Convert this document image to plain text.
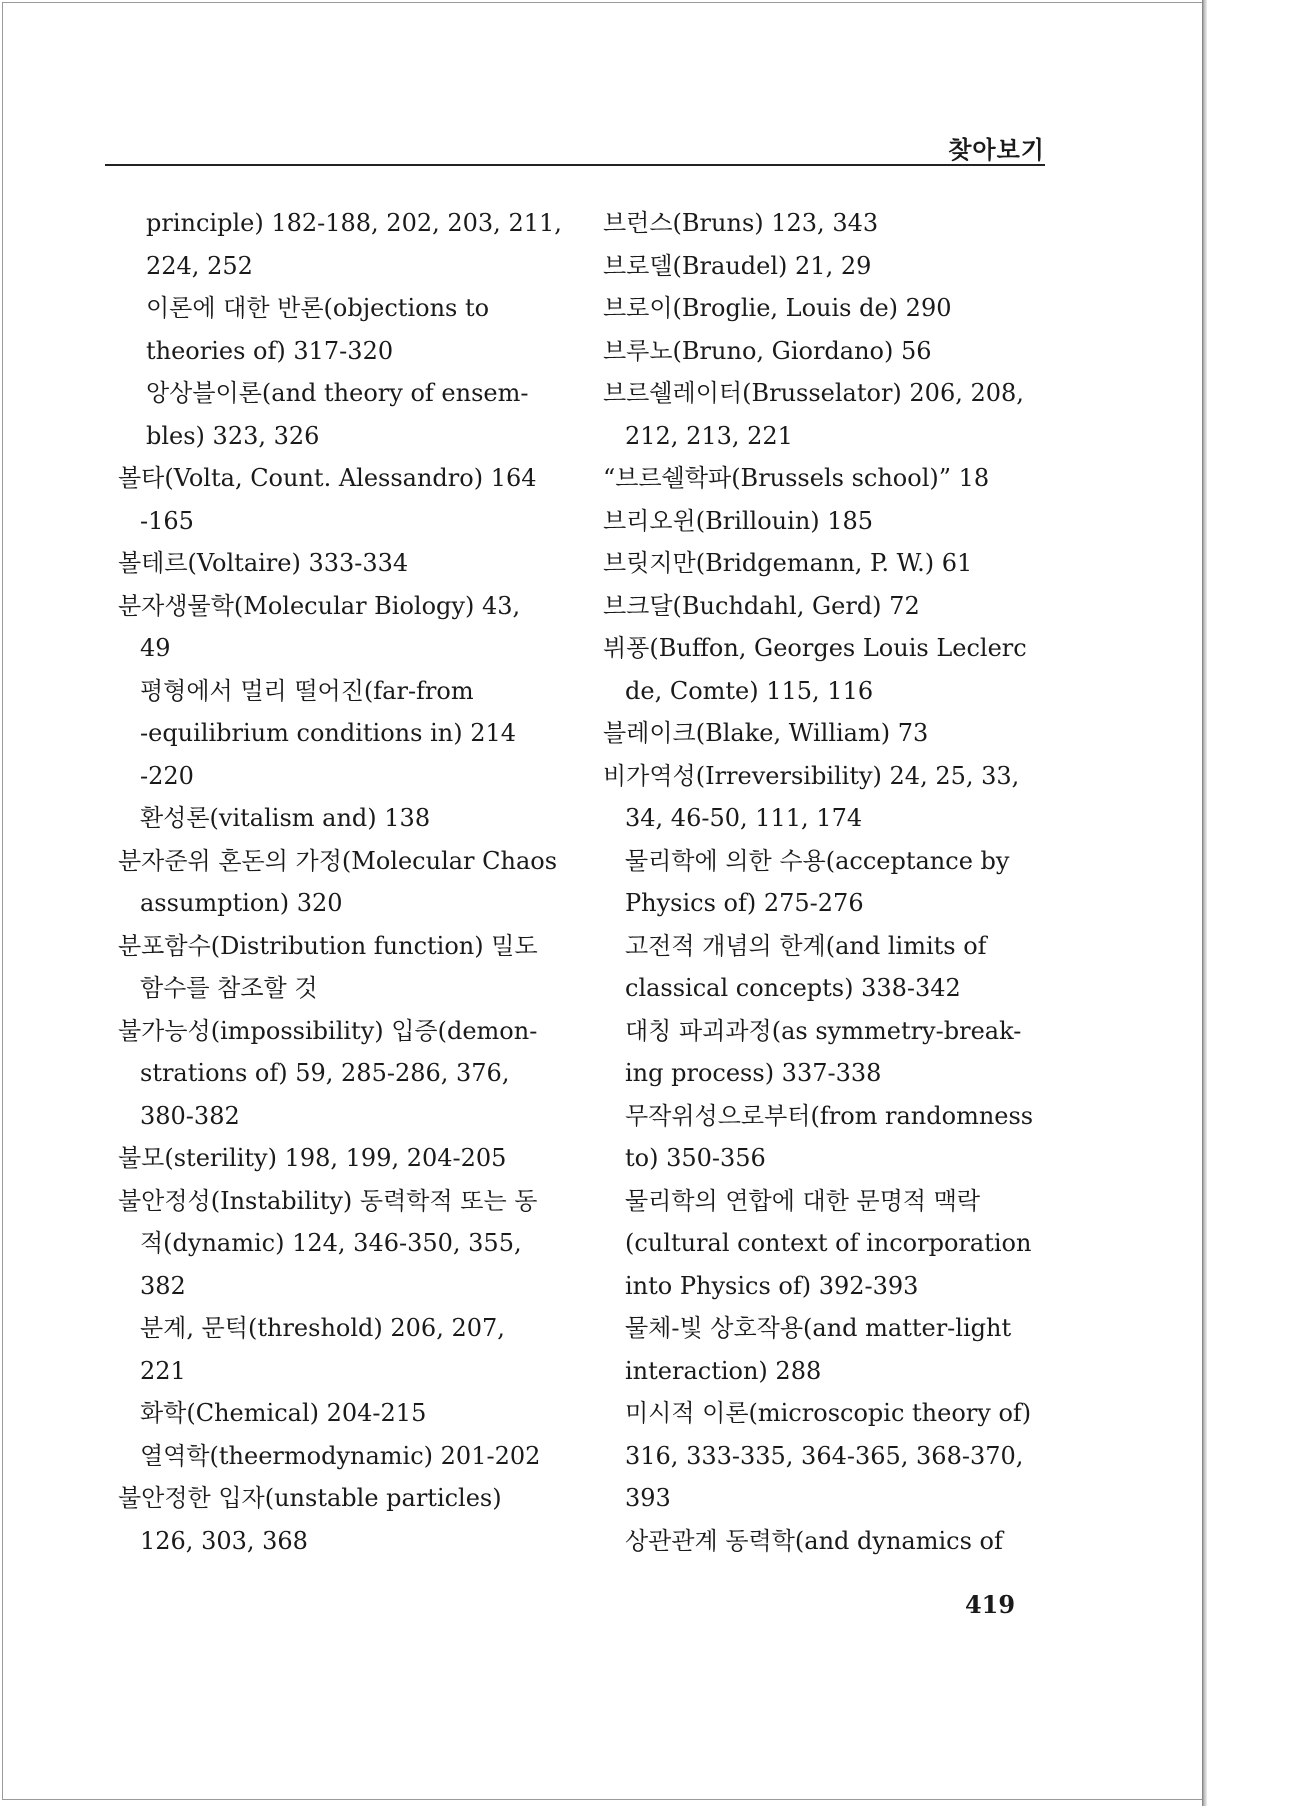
찾아보기
principle) 182-188, 202, 203, 211,
224, 252
이론에 대한 반론(objections to
theories of) 317-320
앙상블이론(and theory of ensem-
bles) 323, 326
볼타(Volta, Count. Alessandro) 164
-165
볼테르(Voltaire) 333-334
분자생물학(Molecular Biology) 43,
49
평형에서 멀리 떨어진(far-from
-equilibrium conditions in) 214
-220
환성론(vitalism and) 138
분자준위 혼돈의 가정(Molecular Chaos
assumption) 320
분포함수(Distribution function) 밀도
함수를 참조할 것
불가능성(impossibility) 입증(demon-
strations of) 59, 285-286, 376,
380-382
불모(sterility) 198, 199, 204-205
불안정성(Instability) 동력학적 또는 동
적(dynamic) 124, 346-350, 355,
382
분계, 문턱(threshold) 206, 207,
221
화학(Chemical) 204-215
열역학(theermodynamic) 201-202
불안정한 입자(unstable particles)
126, 303, 368
브런스(Bruns) 123, 343
브로델(Braudel) 21, 29
브로이(Broglie, Louis de) 290
브루노(Bruno, Giordano) 56
브르쉘레이터(Brusselator) 206, 208,
212, 213, 221
“브르쉘학파(Brussels school)” 18
브리오윈(Brillouin) 185
브릿지만(Bridgemann, P. W.) 61
브크달(Buchdahl, Gerd) 72
뷔퐁(Buffon, Georges Louis Leclerc
de, Comte) 115, 116
블레이크(Blake, William) 73
비가역성(Irreversibility) 24, 25, 33,
34, 46-50, 111, 174
물리학에 의한 수용(acceptance by
Physics of) 275-276
고전적 개념의 한계(and limits of
classical concepts) 338-342
대칭 파괴과정(as symmetry-break-
ing process) 337-338
무작위성으로부터(from randomness
to) 350-356
물리학의 연합에 대한 문명적 맥락
(cultural context of incorporation
into Physics of) 392-393
물체-빛 상호작용(and matter-light
interaction) 288
미시적 이론(microscopic theory of)
316, 333-335, 364-365, 368-370,
393
상관관계 동력학(and dynamics of
419
